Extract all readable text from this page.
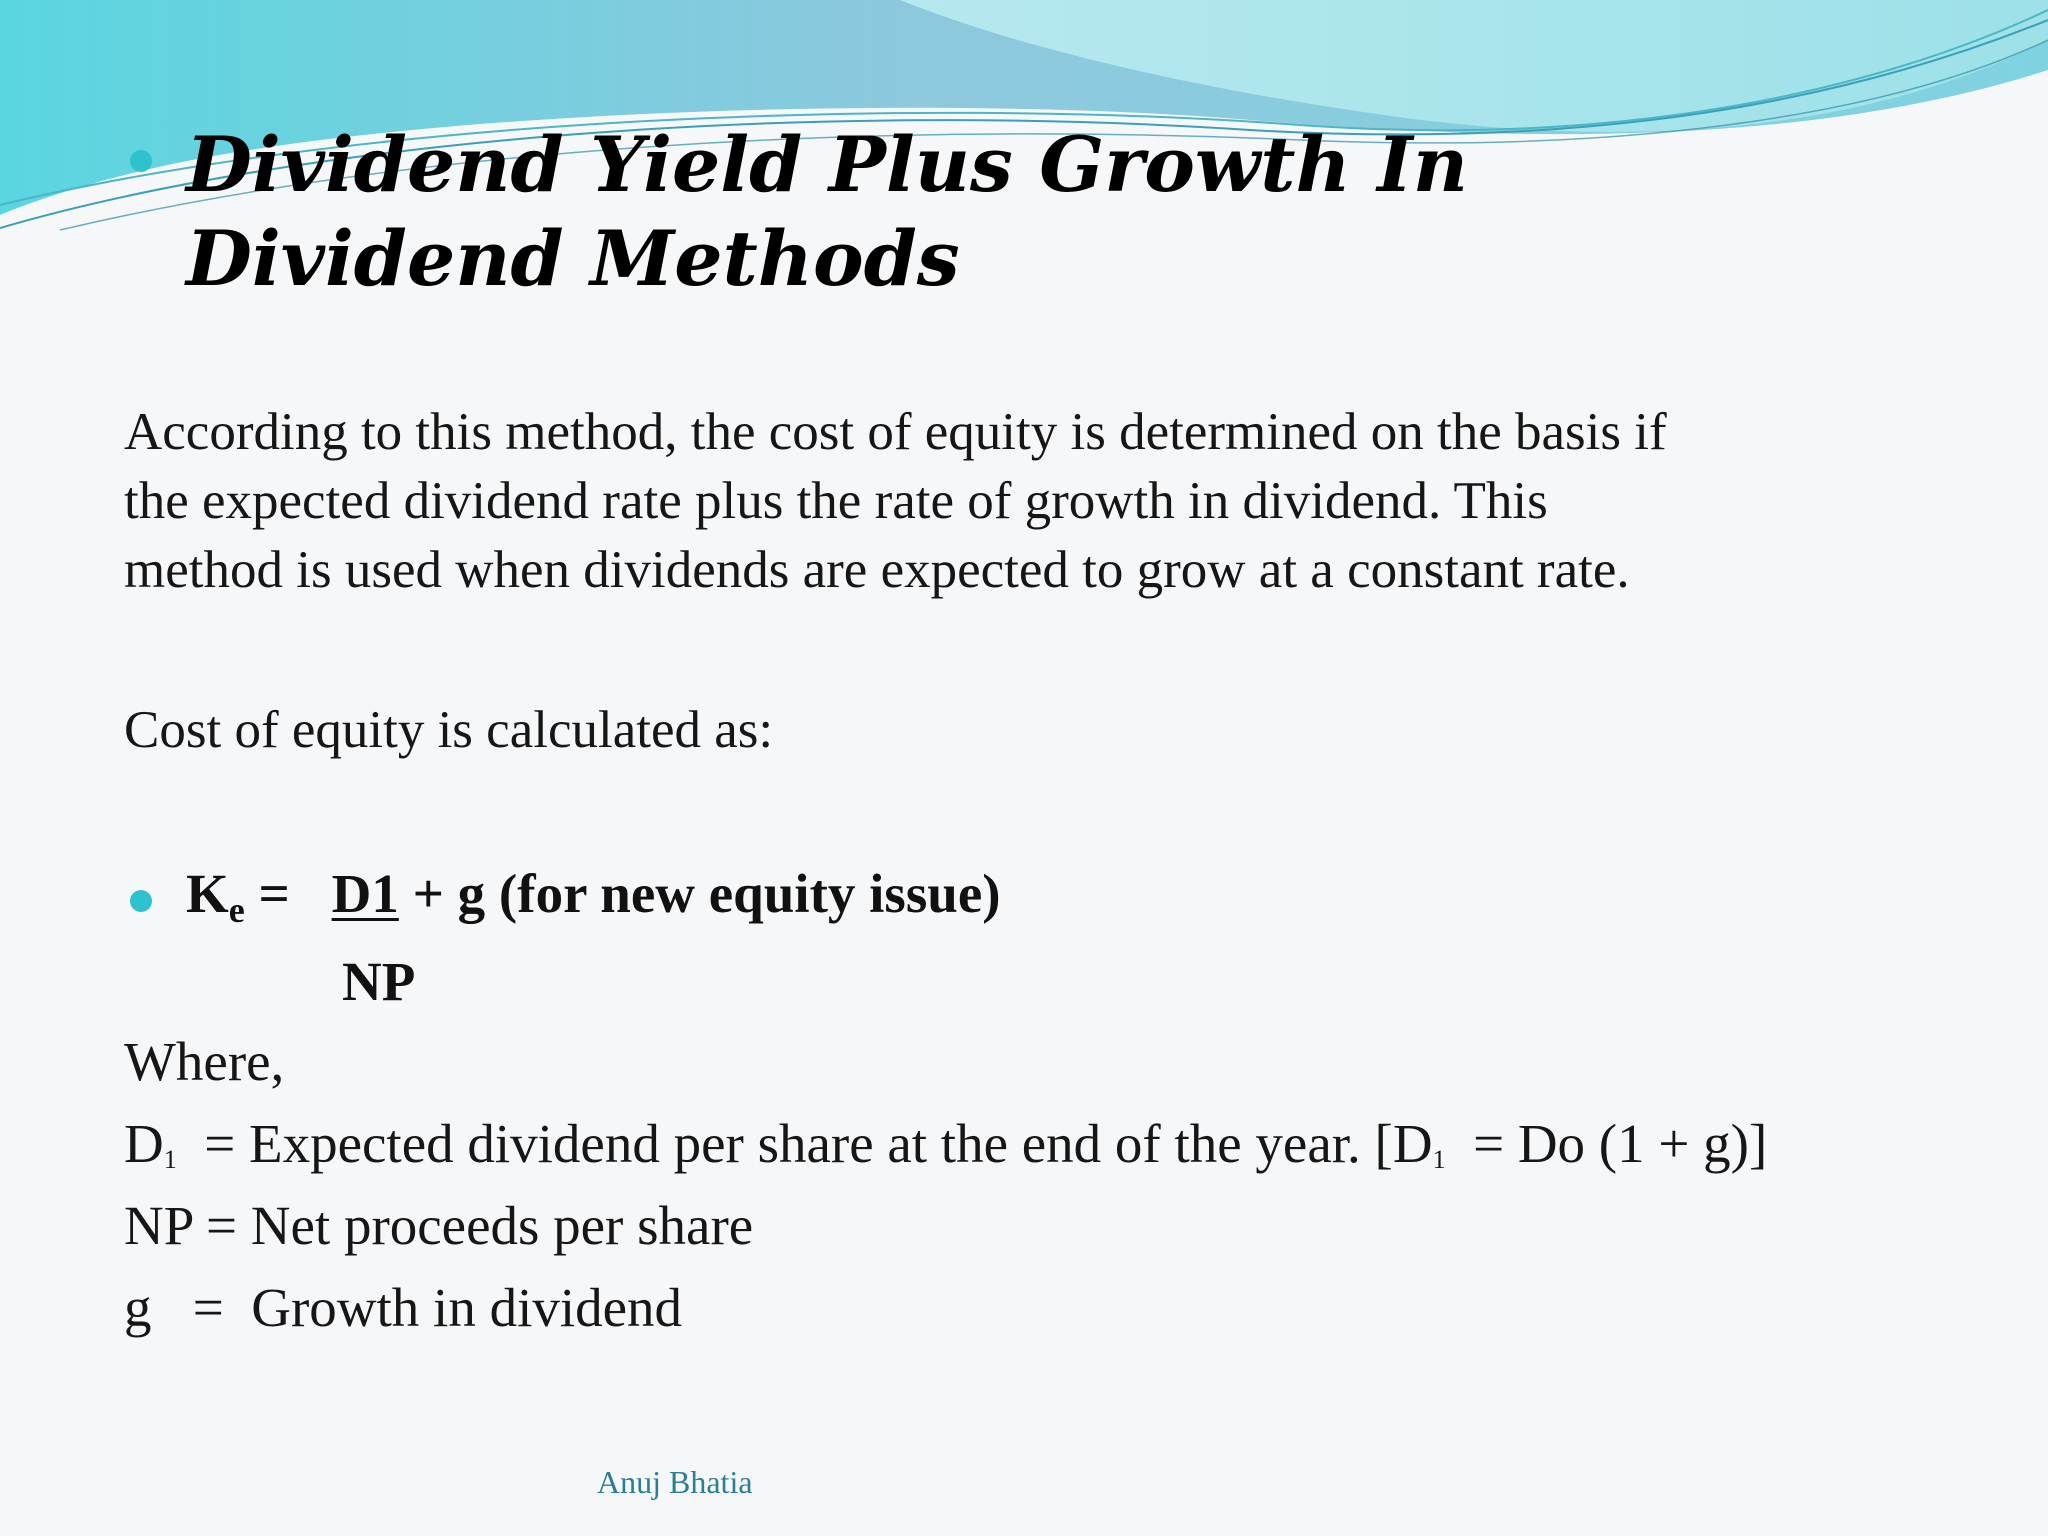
Dividend Yield Plus Growth In Dividend Methods
According to this method, the cost of equity is determined on the basis if
the expected dividend rate plus the rate of growth in dividend. This
method is used when dividends are expected to grow at a constant rate.
Cost of equity is calculated as:
$K_e = D1 + g$ (for new equity issue)
NP
Where,
$D_1$  = Expected dividend per share at the end of the year. [$D_1 = Do$ (1 + g)]
NP = Net proceeds per share
g   =  Growth in dividend
Anuj Bhatia
